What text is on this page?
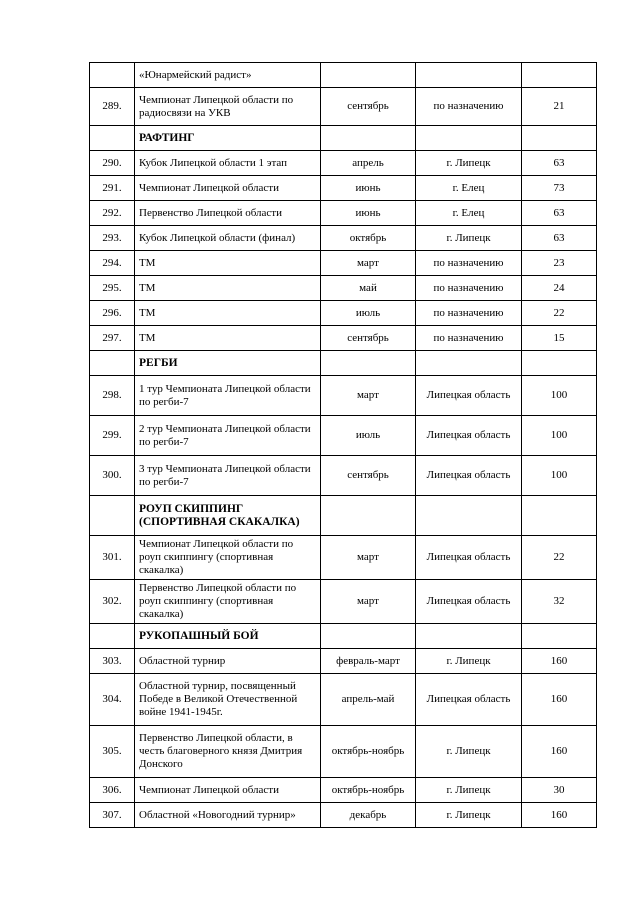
	«Юнармейский радист»			
289.	Чемпионат Липецкой области по радиосвязи на УКВ	сентябрь	по назначению	21
	РАФТИНГ			
290.	Кубок Липецкой области 1 этап	апрель	г. Липецк	63
291.	Чемпионат Липецкой области	июнь	г. Елец	73
292.	Первенство Липецкой области	июнь	г. Елец	63
293.	Кубок Липецкой области (финал)	октябрь	г. Липецк	63
294.	ТМ	март	по назначению	23
295.	ТМ	май	по назначению	24
296.	ТМ	июль	по назначению	22
297.	ТМ	сентябрь	по назначению	15
	РЕГБИ			
298.	1 тур Чемпионата Липецкой области по регби-7	март	Липецкая область	100
299.	2 тур Чемпионата Липецкой области по регби-7	июль	Липецкая область	100
300.	3 тур Чемпионата Липецкой области по регби-7	сентябрь	Липецкая область	100
	РОУП СКИППИНГ (СПОРТИВНАЯ СКАКАЛКА)			
301.	Чемпионат Липецкой области по роуп скиппингу (спортивная скакалка)	март	Липецкая область	22
302.	Первенство Липецкой области по роуп скиппингу (спортивная скакалка)	март	Липецкая область	32
	РУКОПАШНЫЙ БОЙ			
303.	Областной турнир	февраль-март	г. Липецк	160
304.	Областной турнир, посвященный Победе в Великой Отечественной войне 1941-1945г.	апрель-май	Липецкая область	160
305.	Первенство Липецкой области, в честь благоверного князя Дмитрия Донского	октябрь-ноябрь	г. Липецк	160
306.	Чемпионат Липецкой области	октябрь-ноябрь	г. Липецк	30
307.	Областной «Новогодний турнир»	декабрь	г. Липецк	160
